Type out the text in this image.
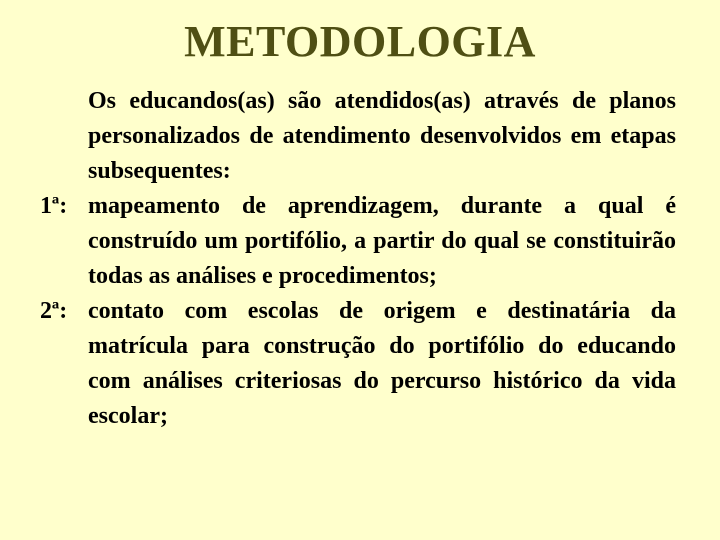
METODOLOGIA
Os educandos(as) são atendidos(as) através de planos personalizados de atendimento desenvolvidos em etapas subsequentes:
1ª: mapeamento de aprendizagem, durante a qual é construído um portifólio, a partir do qual se constituirão todas as análises e procedimentos;
2ª: contato com escolas de origem e destinatária da matrícula para construção do portifólio do educando com análises criteriosas do percurso histórico da vida escolar;
